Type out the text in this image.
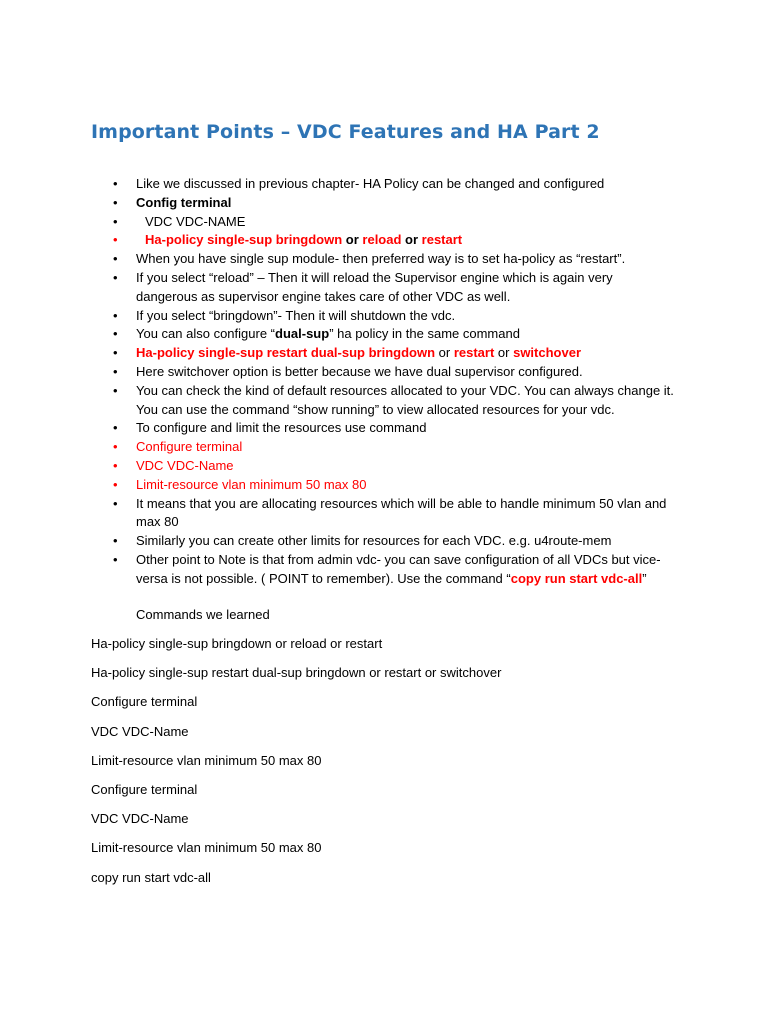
Important Points – VDC Features and HA Part 2
• Like we discussed in previous chapter- HA Policy can be changed and configured
• Config terminal
• VDC VDC-NAME
• Ha-policy single-sup bringdown or reload or restart
• When you have single sup module- then preferred way is to set ha-policy as “restart”.
• If you select “reload” – Then it will reload the Supervisor engine which is again very dangerous as supervisor engine takes care of other VDC as well.
• If you select “bringdown”- Then it will shutdown the vdc.
• You can also configure “dual-sup” ha policy in the same command
• Ha-policy single-sup restart dual-sup bringdown or restart or switchover
• Here switchover option is better because we have dual supervisor configured.
• You can check the kind of default resources allocated to your VDC. You can always change it. You can use the command “show running” to view allocated resources for your vdc.
• To configure and limit the resources use command
• Configure terminal
• VDC VDC-Name
• Limit-resource vlan minimum 50 max 80
• It means that you are allocating resources which will be able to handle minimum 50 vlan and max 80
• Similarly you can create other limits for resources for each VDC. e.g. u4route-mem
• Other point to Note is that from admin vdc- you can save configuration of all VDCs but vice-versa is not possible. ( POINT to remember). Use the command “copy run start vdc-all”

Commands we learned

Ha-policy single-sup bringdown or reload or restart

Ha-policy single-sup restart dual-sup bringdown or restart or switchover

Configure terminal

VDC VDC-Name

Limit-resource vlan minimum 50 max 80

Configure terminal

VDC VDC-Name

Limit-resource vlan minimum 50 max 80

copy run start vdc-all
